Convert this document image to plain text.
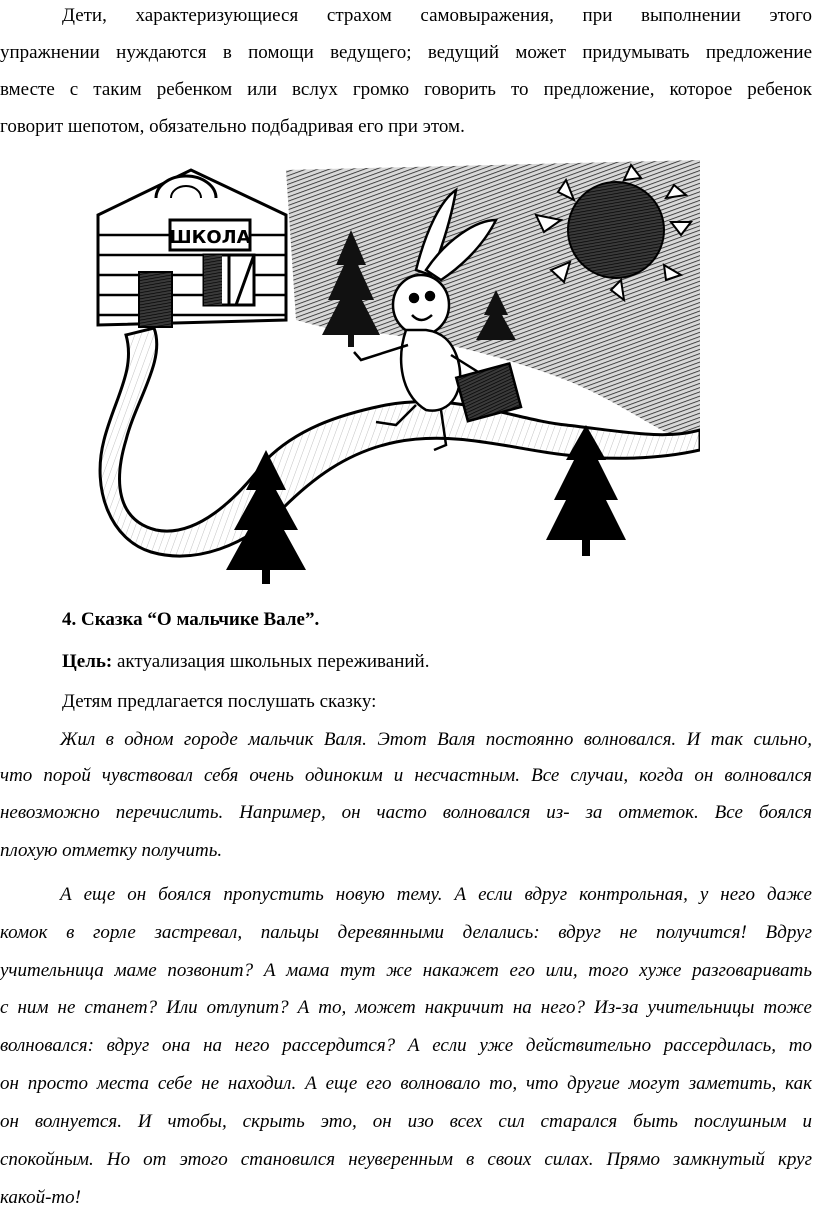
Дети, характеризующиеся страхом самовыражения, при выполнении этого
упражнении нуждаются в помощи ведущего; ведущий может придумывать предложение
вместе с таким ребенком или вслух громко говорить то предложение, которое ребенок
говорит шепотом, обязательно подбадривая его при этом.
ШКОЛА
4. Сказка “О мальчике Вале”.
Цель: актуализация школьных переживаний.
Детям предлагается послушать сказку:
Жил в одном городе мальчик Валя. Этот Валя постоянно волновался. И так сильно,
что порой чувствовал себя очень одиноким и несчастным. Все случаи, когда он волновался
невозможно перечислить. Например, он часто волновался из- за отметок. Все боялся
плохую отметку получить.
А еще он боялся пропустить новую тему. А если вдруг контрольная, у него даже
комок в горле застревал, пальцы деревянными делались: вдруг не получится! Вдруг
учительница маме позвонит? А мама тут же накажет его или, того хуже разговаривать
с ним не станет? Или отлупит? А то, может накричит на него? Из-за учительницы тоже
волновался: вдруг она на него рассердится? А если уже действительно рассердилась, то
он просто места себе не находил. А еще его волновало то, что другие могут заметить, как
он волнуется. И чтобы, скрыть это, он изо всех сил старался быть послушным и
спокойным. Но от этого становился неуверенным в своих силах. Прямо замкнутый круг
какой-то!
